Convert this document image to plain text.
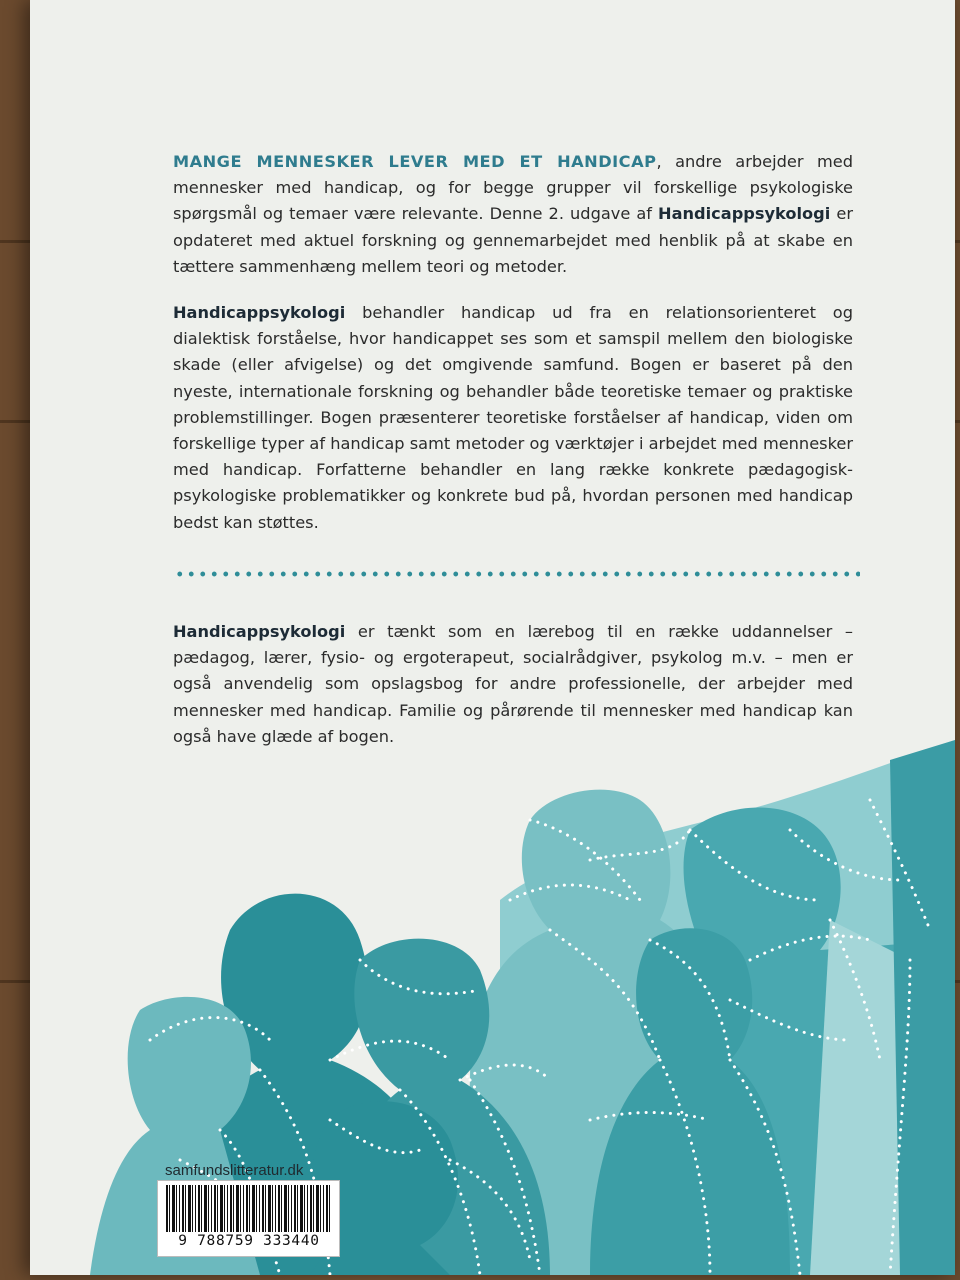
MANGE MENNESKER LEVER MED ET HANDICAP, andre arbejder med mennesker med handicap, og for begge grupper vil forskellige psykologiske spørgsmål og temaer være relevante. Denne 2. udgave af Handicappsykologi er opdateret med aktuel forskning og gennemarbejdet med henblik på at skabe en tættere sammenhæng mellem teori og metoder.
Handicappsykologi behandler handicap ud fra en relationsorienteret og dialektisk forståelse, hvor handicappet ses som et samspil mellem den biologiske skade (eller afvigelse) og det omgivende samfund. Bogen er baseret på den nyeste, internationale forskning og behandler både teoretiske temaer og praktiske problemstillinger. Bogen præsenterer teoretiske forståelser af handicap, viden om forskellige typer af handicap samt metoder og værktøjer i arbejdet med mennesker med handicap. Forfatterne behandler en lang række konkrete pædagogisk-psykologiske problematikker og konkrete bud på, hvordan personen med handicap bedst kan støttes.
Handicappsykologi er tænkt som en lærebog til en række uddannelser – pædagog, lærer, fysio- og ergoterapeut, socialrådgiver, psykolog m.v. – men er også anvendelig som opslagsbog for andre professionelle, der arbejder med mennesker med handicap. Familie og pårørende til mennesker med handicap kan også have glæde af bogen.
samfundslitteratur.dk
9 788759 333440
